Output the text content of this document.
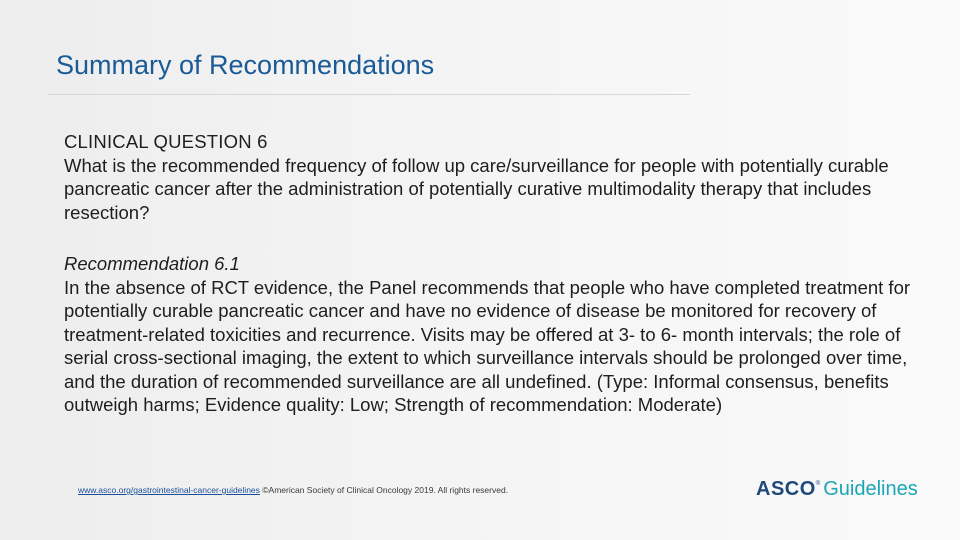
Summary of Recommendations
CLINICAL QUESTION 6
What is the recommended frequency of follow up care/surveillance for people with potentially curable pancreatic cancer after the administration of potentially curative multimodality therapy that includes resection?
Recommendation 6.1
In the absence of RCT evidence, the Panel recommends that people who have completed treatment for potentially curable pancreatic cancer and have no evidence of disease be monitored for recovery of treatment-related toxicities and recurrence. Visits may be offered at 3- to 6- month intervals; the role of serial cross-sectional imaging, the extent to which surveillance intervals should be prolonged over time, and the duration of recommended surveillance are all undefined. (Type: Informal consensus, benefits outweigh harms; Evidence quality: Low; Strength of recommendation: Moderate)
www.asco.org/gastrointestinal-cancer-guidelines ©American Society of Clinical Oncology 2019. All rights reserved.	ASCO ® Guidelines
